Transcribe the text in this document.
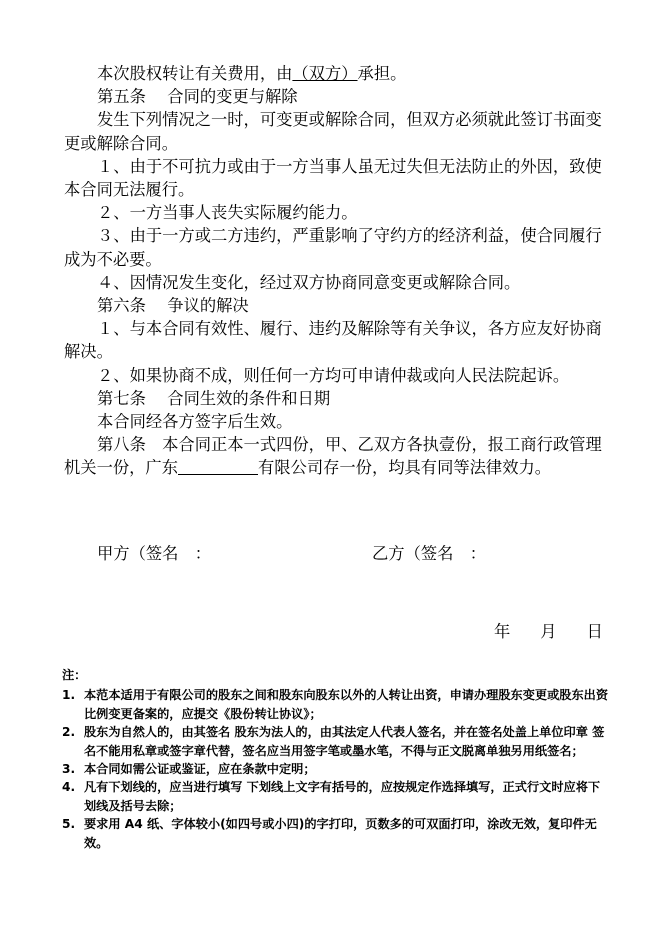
本次股权转让有关费用，由（双方）承担。

第五条　 合同的变更与解除

发生下列情况之一时，可变更或解除合同，但双方必须就此签订书面变更或解除合同。

１、由于不可抗力或由于一方当事人虽无过失但无法防止的外因，致使本合同无法履行。

２、一方当事人丧失实际履约能力。

３、由于一方或二方违约，严重影响了守约方的经济利益，使合同履行成为不必要。

４、因情况发生变化，经过双方协商同意变更或解除合同。

第六条　 争议的解决

１、与本合同有效性、履行、违约及解除等有关争议，各方应友好协商解决。

２、如果协商不成，则任何一方均可申请仲裁或向人民法院起诉。

第七条　 合同生效的条件和日期

本合同经各方签字后生效。

第八条　本合同正本一式四份，甲、乙双方各执壹份，报工商行政管理机关一份，广东	有限公司存一份，均具有同等法律效力。

甲方（签名　：	乙方（签名　：
年 月 日

注：

1. 本范本适用于有限公司的股东之间和股东向股东以外的人转让出资，申请办理股东变更或股东出资比例变更备案的，应提交《股份转让协议》；
2. 股东为自然人的，由其签名 股东为法人的，由其法定人代表人签名，并在签名处盖上单位印章 签名不能用私章或签字章代替，签名应当用签字笔或墨水笔，不得与正文脱离单独另用纸签名；
3. 本合同如需公证或鉴证，应在条款中定明；
4. 凡有下划线的，应当进行填写 下划线上文字有括号的，应按规定作选择填写，正式行文时应将下划线及括号去除；
5. 要求用 A4 纸、字体较小(如四号或小四)的字打印，页数多的可双面打印，涂改无效，复印件无效。
